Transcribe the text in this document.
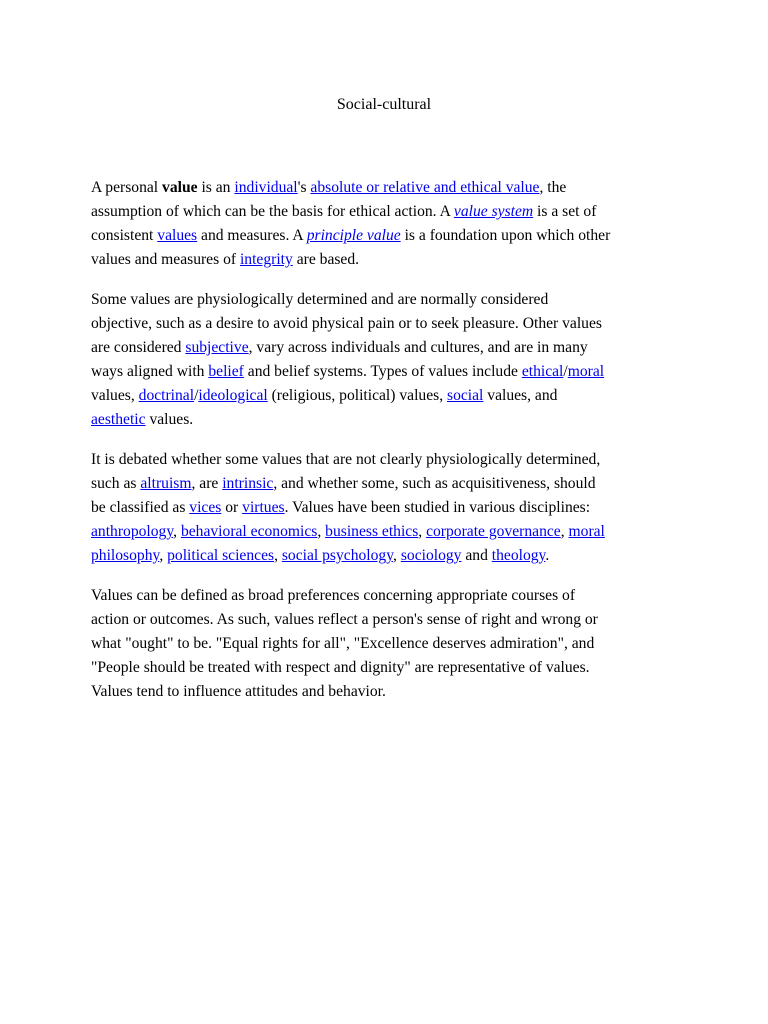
Social-cultural

A personal value is an individual's absolute or relative and ethical value, the
assumption of which can be the basis for ethical action. A value system is a set of
consistent values and measures. A principle value is a foundation upon which other
values and measures of integrity are based.

Some values are physiologically determined and are normally considered
objective, such as a desire to avoid physical pain or to seek pleasure. Other values
are considered subjective, vary across individuals and cultures, and are in many
ways aligned with belief and belief systems. Types of values include ethical/moral
values, doctrinal/ideological (religious, political) values, social values, and
aesthetic values.

It is debated whether some values that are not clearly physiologically determined,
such as altruism, are intrinsic, and whether some, such as acquisitiveness, should
be classified as vices or virtues. Values have been studied in various disciplines:
anthropology, behavioral economics, business ethics, corporate governance, moral
philosophy, political sciences, social psychology, sociology and theology.

Values can be defined as broad preferences concerning appropriate courses of
action or outcomes. As such, values reflect a person's sense of right and wrong or
what "ought" to be. "Equal rights for all", "Excellence deserves admiration", and
"People should be treated with respect and dignity" are representative of values.
Values tend to influence attitudes and behavior.
